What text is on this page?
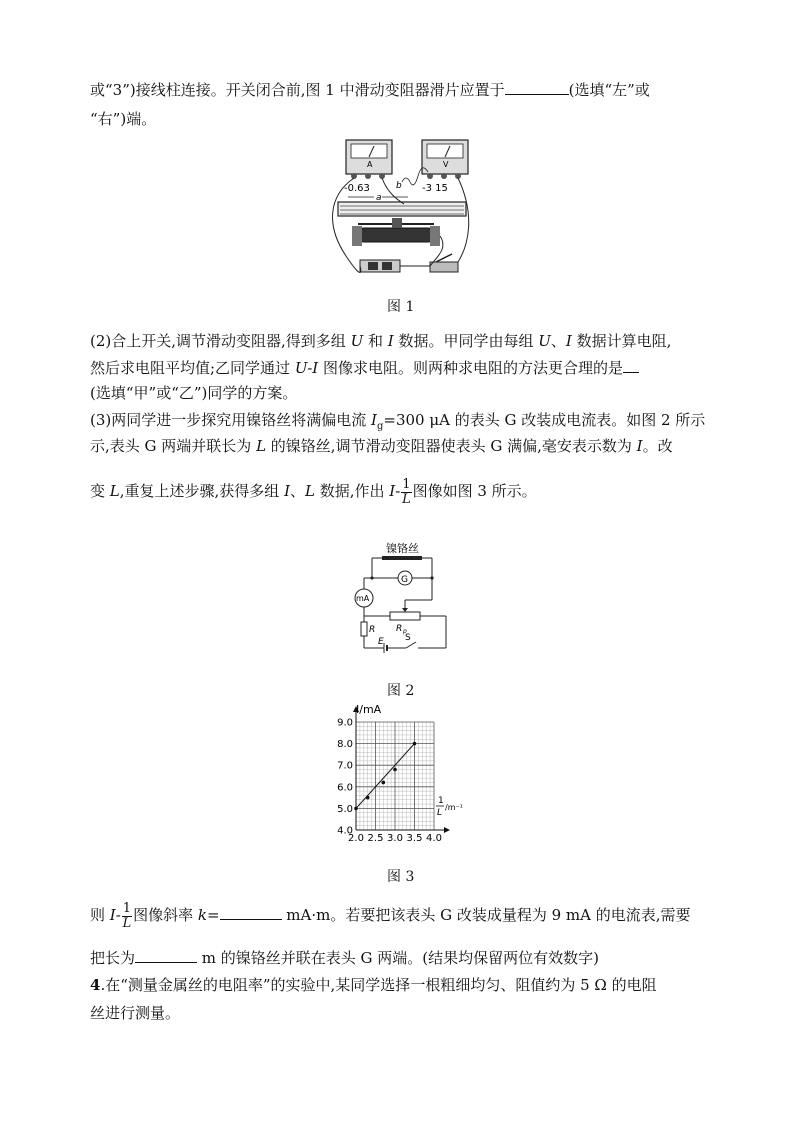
或“3”)接线柱连接。开关闭合前,图 1 中滑动变阻器滑片应置于	(选填“左”或
“右”)端。
A
-0.63
V
-3 15
b
a
图 1
(2)合上开关,调节滑动变阻器,得到多组 U 和 I 数据。甲同学由每组 U、I 数据计算电阻,
然后求电阻平均值;乙同学通过 U-I 图像求电阻。则两种求电阻的方法更合理的是
(选填“甲”或“乙”)同学的方案。
(3)两同学进一步探究用镍铬丝将满偏电流 $I_g=300$ μA 的表头 G 改装成电流表。如图 2 所示
示,表头 G 两端并联长为 L 的镍铬丝,调节滑动变阻器使表头 G 满偏,毫安表示数为 I。改
变 L,重复上述步骤,获得多组 I、L 数据,作出 $I- \frac{1}{L}$ 图像如图 3 所示。
镍铬丝
G
mA
R
E S
R p
图 2
4.0
5.0
6.0
7.0
8.0
9.0
2.0 2.5 3.0 3.5 4.0
I/mA
1
L
/m⁻¹
图 3
则 $I- \frac{1}{L}$ 图像斜率 k=	mA·m。若要把该表头 G 改装成量程为 9 mA 的电流表,需要
把长为	m 的镍铬丝并联在表头 G 两端。(结果均保留两位有效数字)
4.在“测量金属丝的电阻率”的实验中,某同学选择一根粗细均匀、阻值约为 5 Ω 的电阻
丝进行测量。
